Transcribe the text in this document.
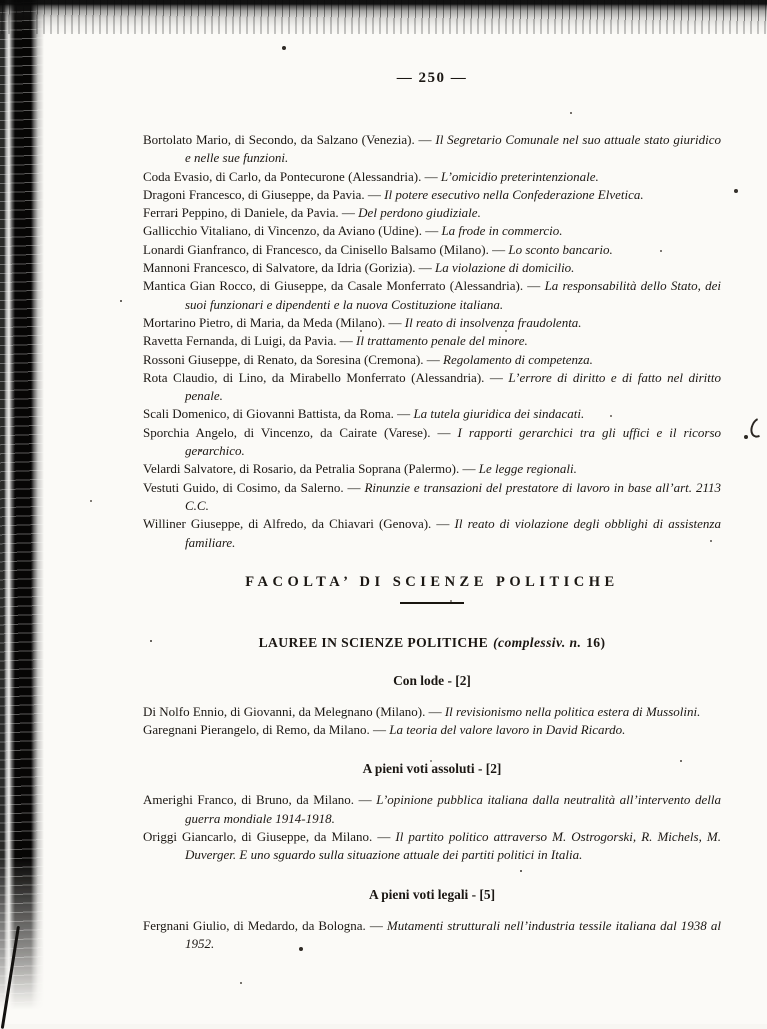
— 250 —

Bortolato Mario, di Secondo, da Salzano (Venezia). — Il Segretario Comunale nel suo attuale stato giuridico e nelle sue funzioni.

Coda Evasio, di Carlo, da Pontecurone (Alessandria). — L’omicidio preterintenzionale.

Dragoni Francesco, di Giuseppe, da Pavia. — Il potere esecutivo nella Confederazione Elvetica.

Ferrari Peppino, di Daniele, da Pavia. — Del perdono giudiziale.

Gallicchio Vitaliano, di Vincenzo, da Aviano (Udine). — La frode in commercio.

Lonardi Gianfranco, di Francesco, da Cinisello Balsamo (Milano). — Lo sconto bancario.

Mannoni Francesco, di Salvatore, da Idria (Gorizia). — La violazione di domicilio.

Mantica Gian Rocco, di Giuseppe, da Casale Monferrato (Alessandria). — La responsabilità dello Stato, dei suoi funzionari e dipendenti e la nuova Costituzione italiana.

Mortarino Pietro, di Maria, da Meda (Milano). — Il reato di insolvenza fraudolenta.

Ravetta Fernanda, di Luigi, da Pavia. — Il trattamento penale del minore.

Rossoni Giuseppe, di Renato, da Soresina (Cremona). — Regolamento di competenza.

Rota Claudio, di Lino, da Mirabello Monferrato (Alessandria). — L’errore di diritto e di fatto nel diritto penale.

Scali Domenico, di Giovanni Battista, da Roma. — La tutela giuridica dei sindacati.

Sporchia Angelo, di Vincenzo, da Cairate (Varese). — I rapporti gerarchici tra gli uffici e il ricorso gerarchico.

Velardi Salvatore, di Rosario, da Petralia Soprana (Palermo). — Le legge regionali.

Vestuti Guido, di Cosimo, da Salerno. — Rinunzie e transazioni del prestatore di lavoro in base all’art. 2113 C.C.

Williner Giuseppe, di Alfredo, da Chiavari (Genova). — Il reato di violazione degli obblighi di assistenza familiare.

FACOLTA’ DI SCIENZE POLITICHE
LAUREE IN SCIENZE POLITICHE (complessiv. n. 16)
Con lode - [2]

Di Nolfo Ennio, di Giovanni, da Melegnano (Milano). — Il revisionismo nella politica estera di Mussolini.

Garegnani Pierangelo, di Remo, da Milano. — La teoria del valore lavoro in David Ricardo.

A pieni voti assoluti - [2]

Amerighi Franco, di Bruno, da Milano. — L’opinione pubblica italiana dalla neutralità all’intervento della guerra mondiale 1914-1918.

Origgi Giancarlo, di Giuseppe, da Milano. — Il partito politico attraverso M. Ostrogorski, R. Michels, M. Duverger. E uno sguardo sulla situazione attuale dei partiti politici in Italia.

A pieni voti legali - [5]

Fergnani Giulio, di Medardo, da Bologna. — Mutamenti strutturali nell’industria tessile italiana dal 1938 al 1952.
